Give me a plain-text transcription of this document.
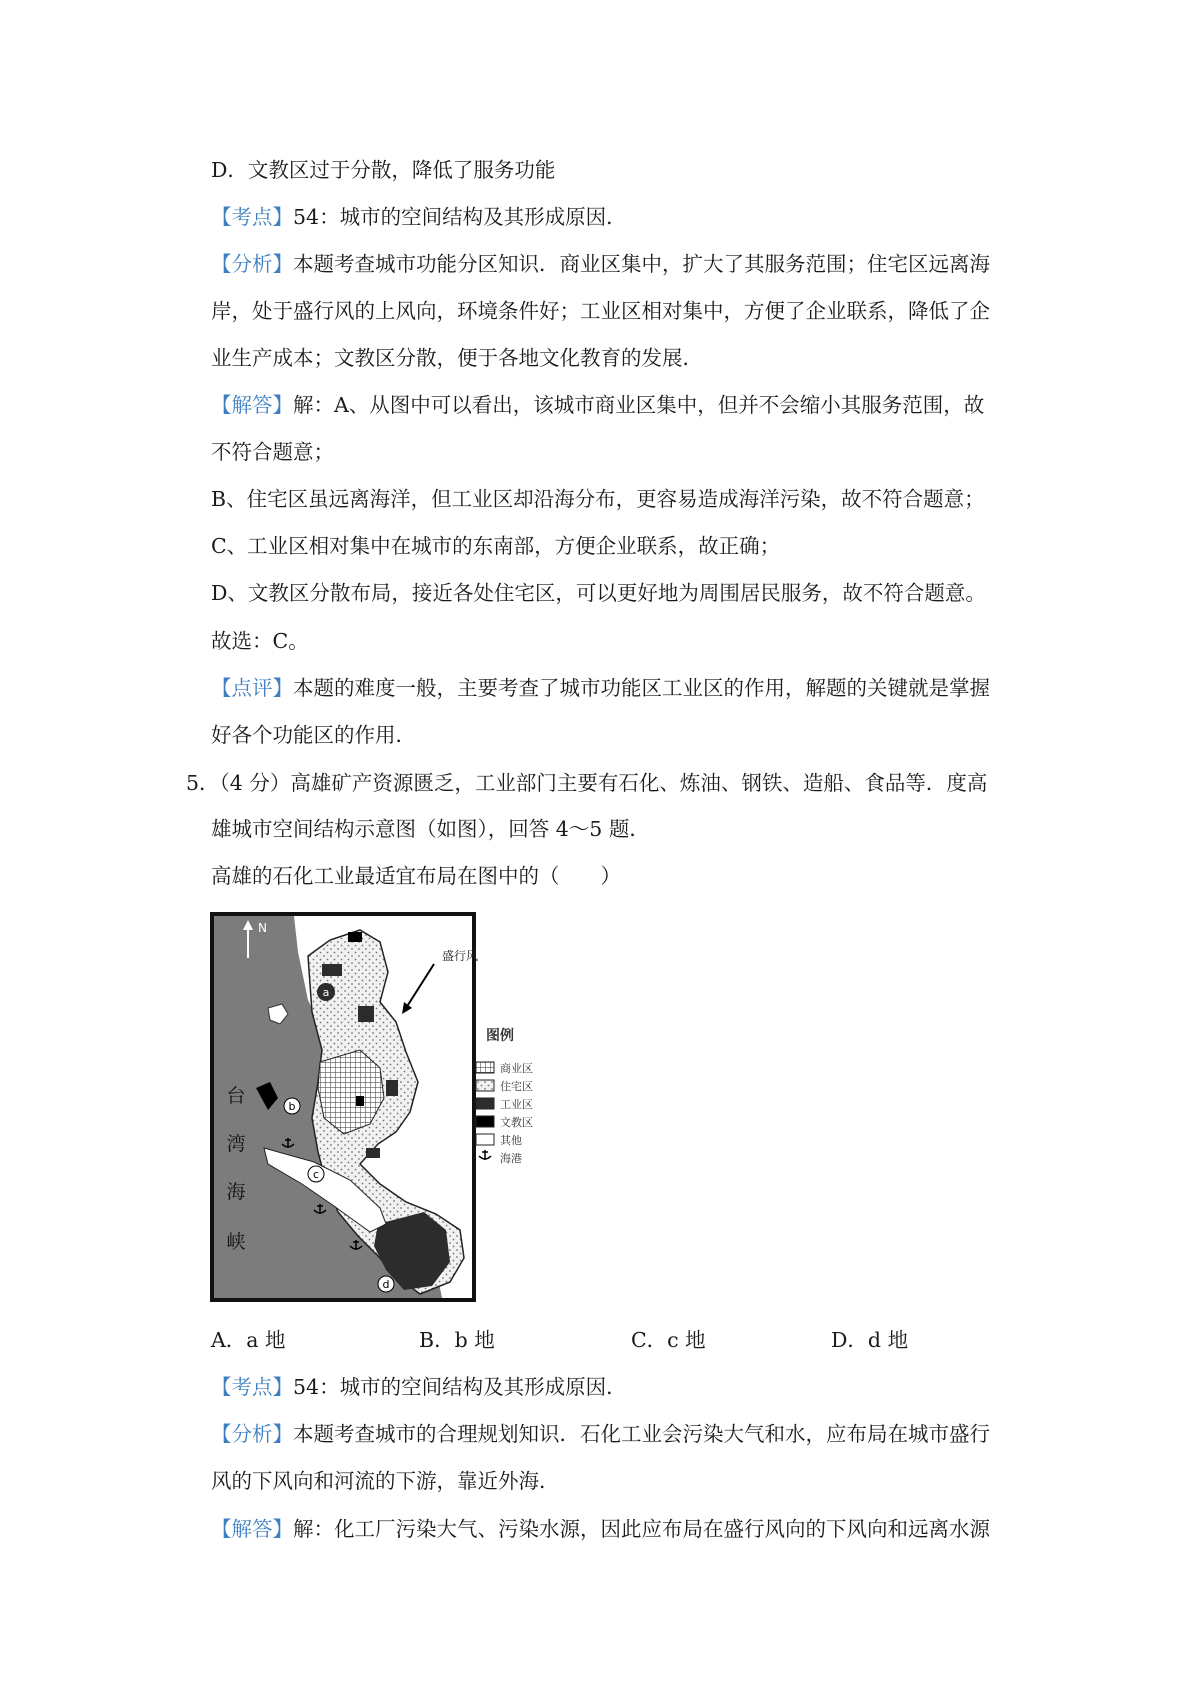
D．文教区过于分散，降低了服务功能
【考点】54：城市的空间结构及其形成原因．
【分析】本题考查城市功能分区知识．商业区集中，扩大了其服务范围；住宅区远离海
岸，处于盛行风的上风向，环境条件好；工业区相对集中，方便了企业联系，降低了企
业生产成本；文教区分散，便于各地文化教育的发展．
【解答】解：A、从图中可以看出，该城市商业区集中，但并不会缩小其服务范围，故
不符合题意；
B、住宅区虽远离海洋，但工业区却沿海分布，更容易造成海洋污染，故不符合题意；
C、工业区相对集中在城市的东南部，方便企业联系，故正确；
D、文教区分散布局，接近各处住宅区，可以更好地为周围居民服务，故不符合题意。
故选：C。
【点评】本题的难度一般，主要考查了城市功能区工业区的作用，解题的关键就是掌握
好各个功能区的作用．
5．（4 分）高雄矿产资源匮乏，工业部门主要有石化、炼油、钢铁、造船、食品等．度高
雄城市空间结构示意图（如图），回答 4～5 题．
高雄的石化工业最适宜布局在图中的（　　）
a
b
c
d
N
盛行风
台
湾
海
峡
图例
商业区
住宅区
工业区
文教区
其他
海港
A．a 地	B．b 地	C．c 地	D．d 地
【考点】54：城市的空间结构及其形成原因．
【分析】本题考查城市的合理规划知识．石化工业会污染大气和水，应布局在城市盛行
风的下风向和河流的下游，靠近外海．
【解答】解：化工厂污染大气、污染水源，因此应布局在盛行风向的下风向和远离水源
